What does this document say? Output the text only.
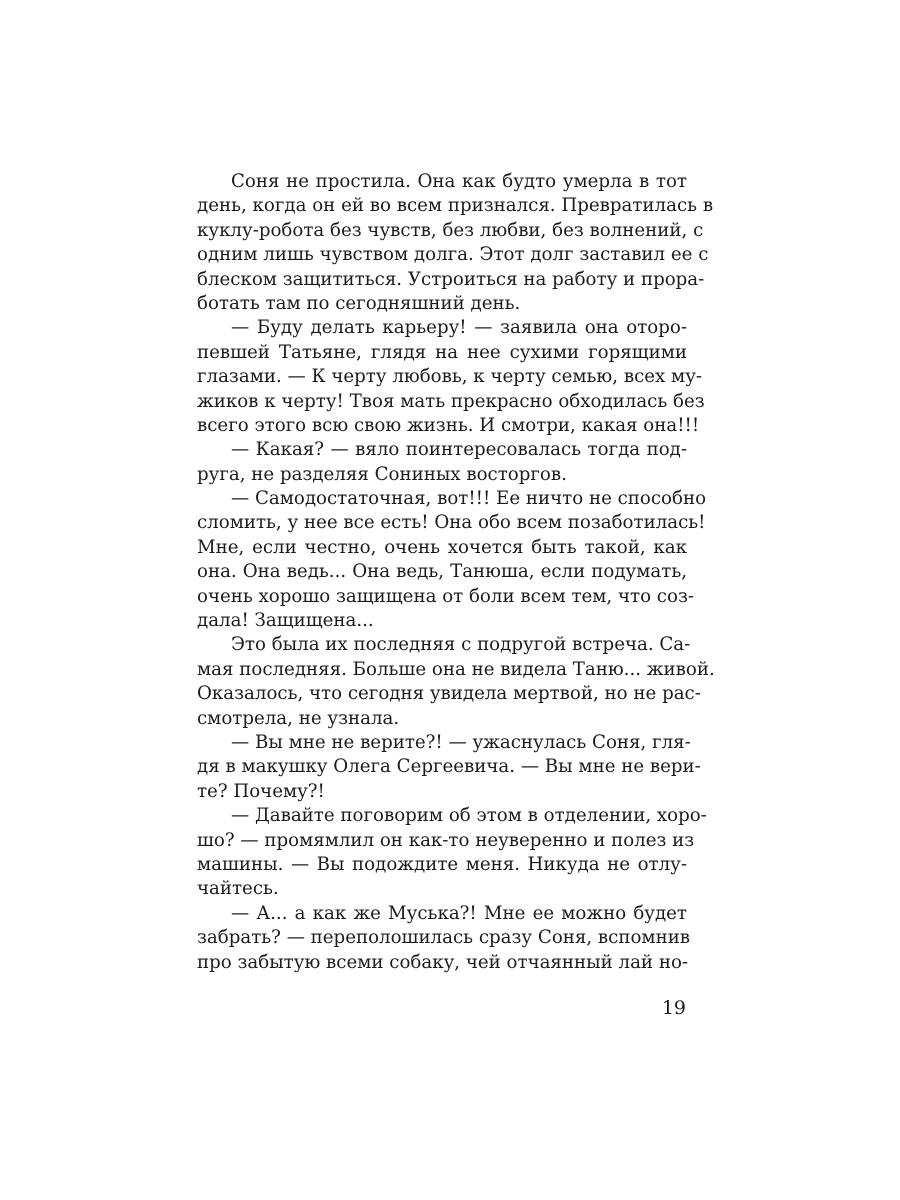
Соня не простила. Она как будто умерла в тот
день, когда он ей во всем признался. Превратилась в
куклу-робота без чувств, без любви, без волнений, с
одним лишь чувством долга. Этот долг заставил ее с
блеском защититься. Устроиться на работу и прора-
ботать там по сегодняшний день.
— Буду делать карьеру! — заявила она оторо-
певшей Татьяне, глядя на нее сухими горящими
глазами. — К черту любовь, к черту семью, всех му-
жиков к черту! Твоя мать прекрасно обходилась без
всего этого всю свою жизнь. И смотри, какая она!!!
— Какая? — вяло поинтересовалась тогда под-
руга, не разделяя Сониных восторгов.
— Самодостаточная, вот!!! Ее ничто не способно
сломить, у нее все есть! Она обо всем позаботилась!
Мне, если честно, очень хочется быть такой, как
она. Она ведь... Она ведь, Танюша, если подумать,
очень хорошо защищена от боли всем тем, что соз-
дала! Защищена...
Это была их последняя с подругой встреча. Са-
мая последняя. Больше она не видела Таню... живой.
Оказалось, что сегодня увидела мертвой, но не рас-
смотрела, не узнала.
— Вы мне не верите?! — ужаснулась Соня, гля-
дя в макушку Олега Сергеевича. — Вы мне не вери-
те? Почему?!
— Давайте поговорим об этом в отделении, хоро-
шо? — промямлил он как-то неуверенно и полез из
машины. — Вы подождите меня. Никуда не отлу-
чайтесь.
— А... а как же Муська?! Мне ее можно будет
забрать? — переполошилась сразу Соня, вспомнив
про забытую всеми собаку, чей отчаянный лай но-
19
